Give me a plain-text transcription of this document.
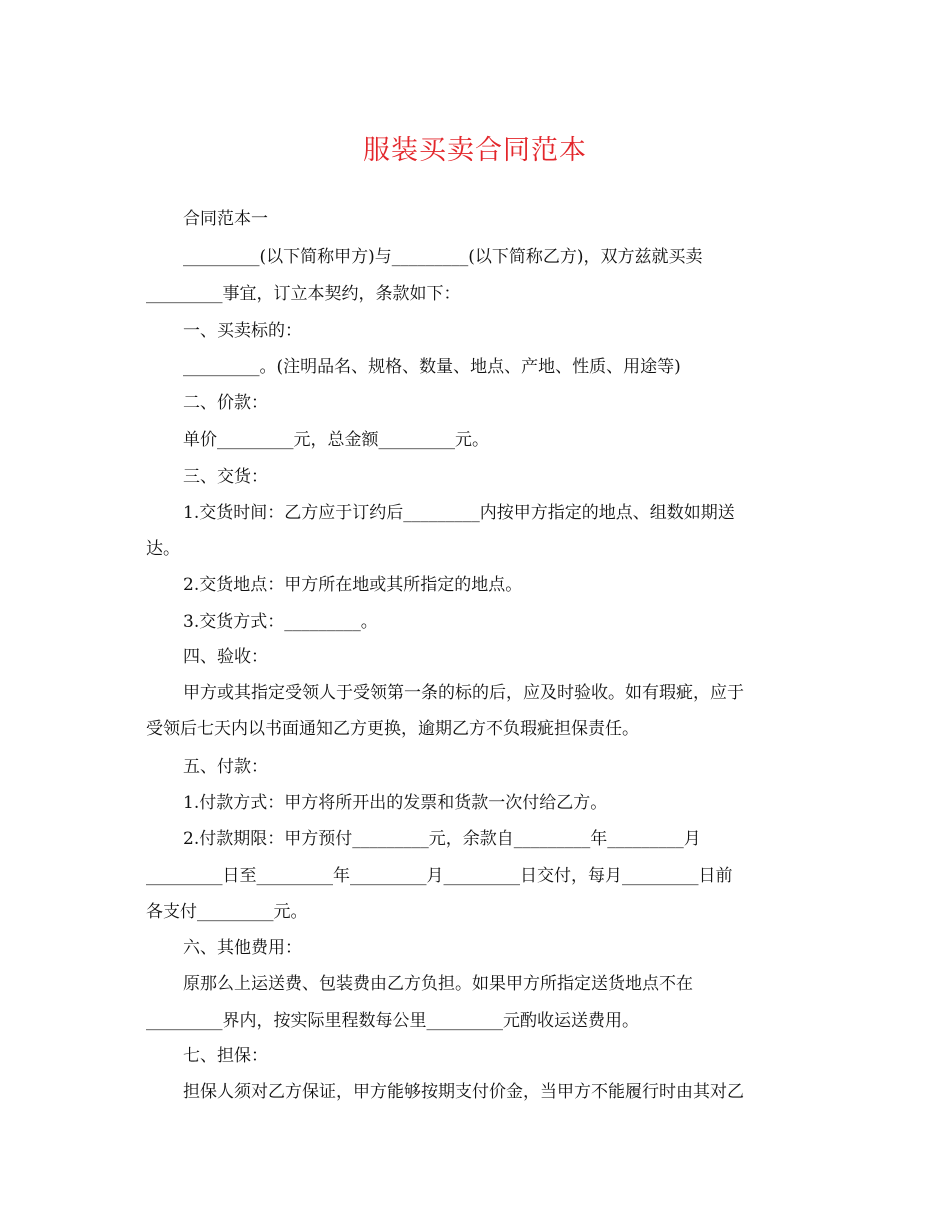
服装买卖合同范本
合同范本一
_________(以下简称甲方)与_________(以下简称乙方)，双方兹就买卖
_________事宜，订立本契约，条款如下：
一、买卖标的：
_________。(注明品名、规格、数量、地点、产地、性质、用途等)
二、价款：
单价_________元，总金额_________元。
三、交货：
1.交货时间：乙方应于订约后_________内按甲方指定的地点、组数如期送
达。
2.交货地点：甲方所在地或其所指定的地点。
3.交货方式：_________。
四、验收：
甲方或其指定受领人于受领第一条的标的后，应及时验收。如有瑕疵，应于
受领后七天内以书面通知乙方更换，逾期乙方不负瑕疵担保责任。
五、付款：
1.付款方式：甲方将所开出的发票和货款一次付给乙方。
2.付款期限：甲方预付_________元，余款自_________年_________月
_________日至_________年_________月_________日交付，每月_________日前
各支付_________元。
六、其他费用：
原那么上运送费、包装费由乙方负担。如果甲方所指定送货地点不在
_________界内，按实际里程数每公里_________元酌收运送费用。
七、担保：
担保人须对乙方保证，甲方能够按期支付价金，当甲方不能履行时由其对乙
